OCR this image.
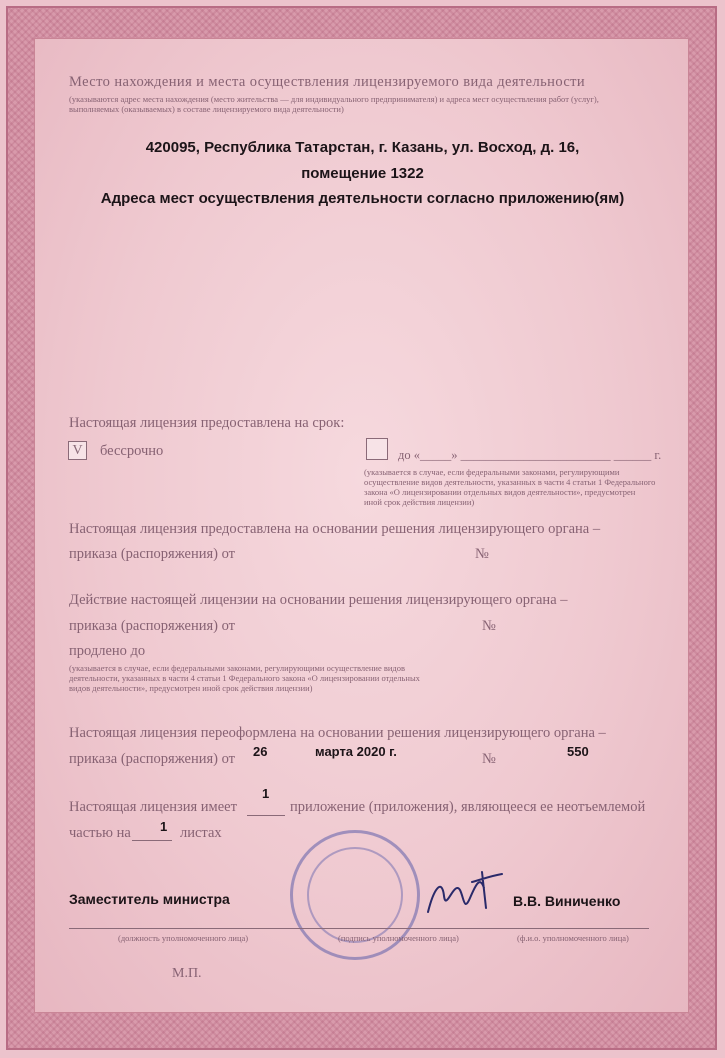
Место нахождения и места осуществления лицензируемого вида деятельности
(указываются адрес места нахождения (место жительства — для индивидуального предпринимателя) и адреса мест осуществления работ (услуг),
выполняемых (оказываемых) в составе лицензируемого вида деятельности)
420095, Республика Татарстан, г. Казань, ул. Восход, д. 16,
помещение 1322
Адреса мест осуществления деятельности согласно приложению(ям)
Настоящая лицензия предоставлена на срок:
V	бессрочно	до «_____» ________________________ ______ г.
(указывается в случае, если федеральными законами, регулирующими
осуществление видов деятельности, указанных в части 4 статьи 1 Федерального
закона «О лицензировании отдельных видов деятельности», предусмотрен
иной срок действия лицензии)
Настоящая лицензия предоставлена на основании решения лицензирующего органа –
приказа (распоряжения) от	№
Действие настоящей лицензии на основании решения лицензирующего органа –
приказа (распоряжения) от	№
продлено до
(указывается в случае, если федеральными законами, регулирующими осуществление видов
деятельности, указанных в части 4 статьи 1 Федерального закона «О лицензировании отдельных
видов деятельности», предусмотрен иной срок действия лицензии)
Настоящая лицензия переоформлена на основании решения лицензирующего органа –
приказа (распоряжения) от 26	марта 2020 г.	№	550
Настоящая лицензия имеет
1
приложение (приложения), являющееся ее неотъемлемой
частью на 1 листах
Заместитель министра	В.В. Виниченко
(должность уполномоченного лица)	(подпись уполномоченного лица)	(ф.и.о. уполномоченного лица)
М.П.
